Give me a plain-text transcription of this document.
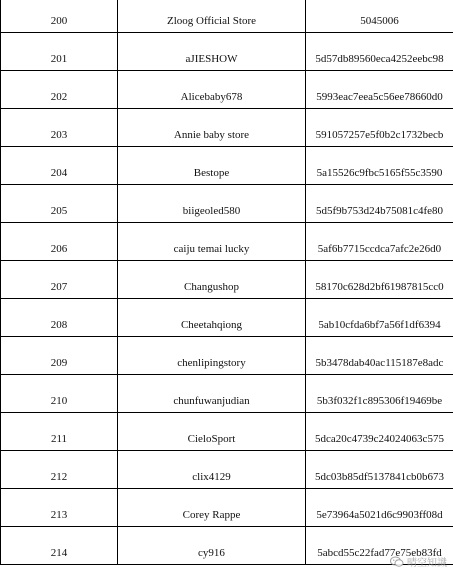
200	Zloog Official Store	5045006
201	aJIESHOW	5d57db89560eca4252eebc98
202	Alicebaby678	5993eac7eea5c56ee78660d0
203	Annie baby store	591057257e5f0b2c1732becb
204	Bestope	5a15526c9fbc5165f55c3590
205	biigeoled580	5d5f9b753d24b75081c4fe80
206	caiju temai lucky	5af6b7715ccdca7afc2e26d0
207	Changushop	58170c628d2bf61987815cc0
208	Cheetahqiong	5ab10cfda6bf7a56f1df6394
209	chenlipingstory	5b3478dab40ac115187e8adc
210	chunfuwanjudian	5b3f032f1c895306f19469be
211	CieloSport	5dca20c4739c24024063c575
212	clix4129	5dc03b85df5137841cb0b673
213	Corey Rappe	5e73964a5021d6c9903ff08d
214	cy916	5abcd55c22fad77e75eb83fd
晴空知識
